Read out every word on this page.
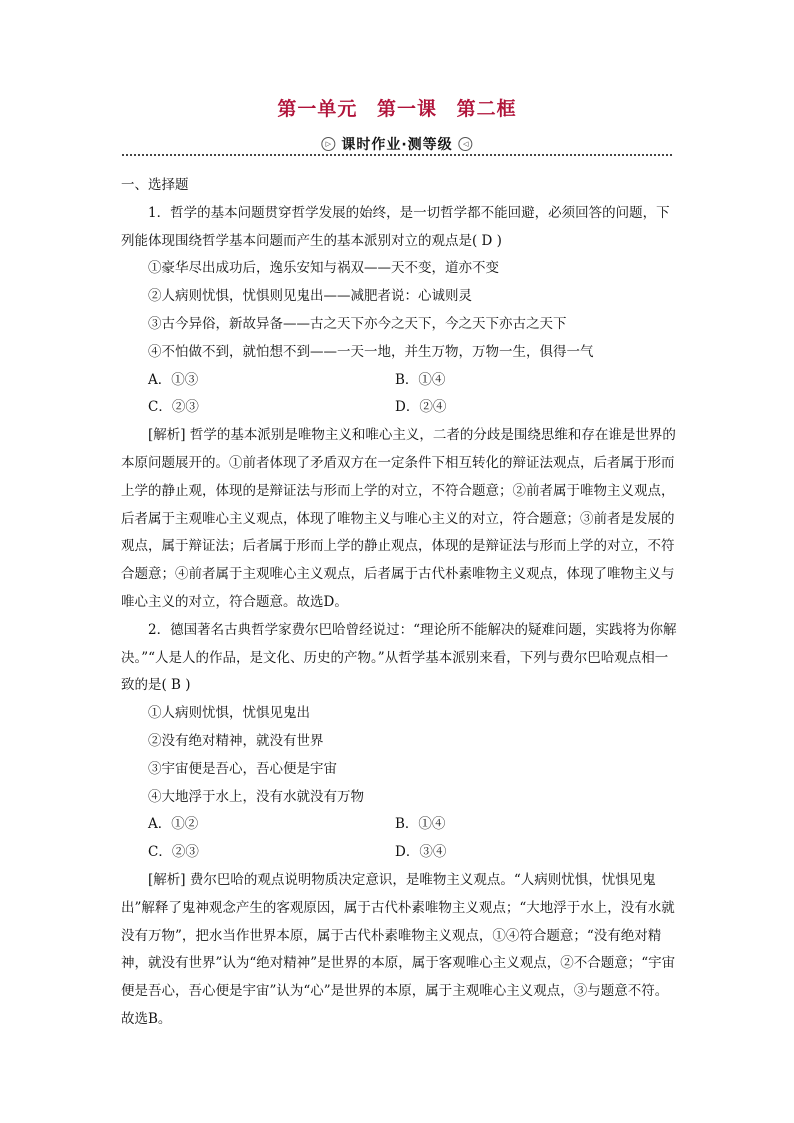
第一单元 第一课 第二框
▷ 课时作业·测等级	◁

一、选择题

1．哲学的基本问题贯穿哲学发展的始终，是一切哲学都不能回避，必须回答的问题，下列能体现围绕哲学基本问题而产生的基本派别对立的观点是( D )

①豪华尽出成功后，逸乐安知与祸双——天不变，道亦不变

②人病则忧惧，忧惧则见鬼出——减肥者说：心诚则灵

③古今异俗，新故异备——古之天下亦今之天下，今之天下亦古之天下

④不怕做不到，就怕想不到——一天一地，并生万物，万物一生，俱得一气

A．①③	B．①④
C．②③	D．②④

[解析] 哲学的基本派别是唯物主义和唯心主义，二者的分歧是围绕思维和存在谁是世界的本原问题展开的。①前者体现了矛盾双方在一定条件下相互转化的辩证法观点，后者属于形而上学的静止观，体现的是辩证法与形而上学的对立，不符合题意；②前者属于唯物主义观点，后者属于主观唯心主义观点，体现了唯物主义与唯心主义的对立，符合题意；③前者是发展的观点，属于辩证法；后者属于形而上学的静止观点，体现的是辩证法与形而上学的对立，不符合题意；④前者属于主观唯心主义观点，后者属于古代朴素唯物主义观点，体现了唯物主义与唯心主义的对立，符合题意。故选D。

2．德国著名古典哲学家费尔巴哈曾经说过：“理论所不能解决的疑难问题，实践将为你解决。”“人是人的作品，是文化、历史的产物。”从哲学基本派别来看，下列与费尔巴哈观点相一致的是( B )

①人病则忧惧，忧惧见鬼出

②没有绝对精神，就没有世界

③宇宙便是吾心，吾心便是宇宙

④大地浮于水上，没有水就没有万物

A．①②	B．①④
C．②③	D．③④

[解析] 费尔巴哈的观点说明物质决定意识，是唯物主义观点。“人病则忧惧，忧惧见鬼出”解释了鬼神观念产生的客观原因，属于古代朴素唯物主义观点；“大地浮于水上，没有水就没有万物”，把水当作世界本原，属于古代朴素唯物主义观点，①④符合题意；“没有绝对精神，就没有世界”认为“绝对精神”是世界的本原，属于客观唯心主义观点，②不合题意；“宇宙便是吾心，吾心便是宇宙”认为“心”是世界的本原，属于主观唯心主义观点，③与题意不符。故选B。
